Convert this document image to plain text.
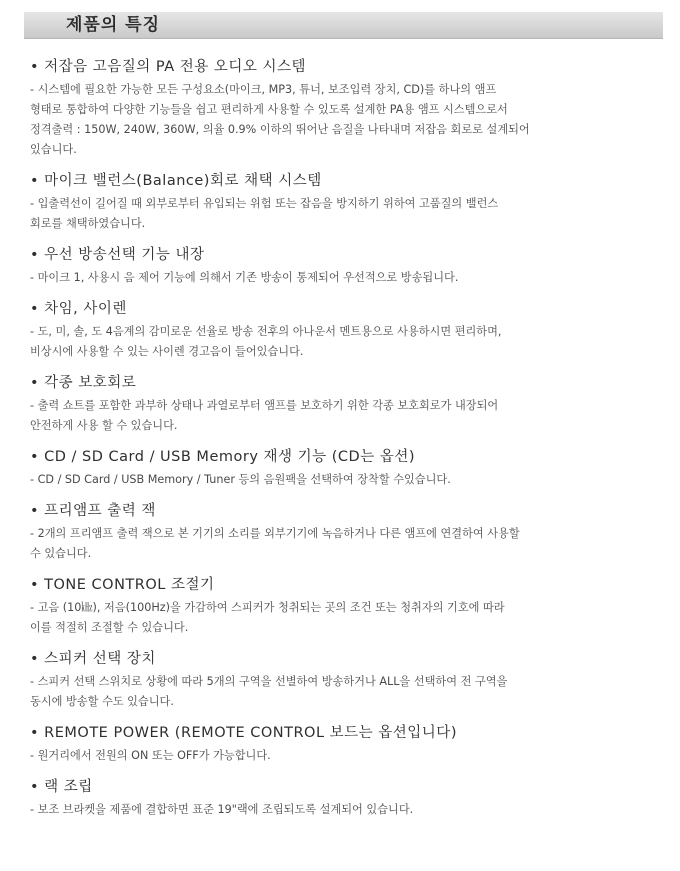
제품의 특징
• 저잡음 고음질의 PA 전용 오디오 시스템
- 시스템에 필요한 가능한 모든 구성요소(마이크, MP3, 튜너, 보조입력 장치, CD)를 하나의 앰프
형태로 통합하여 다양한 기능들을 쉽고 편리하게 사용할 수 있도록 설계한 PA용 앰프 시스템으로서
정격출력 : 150W, 240W, 360W, 의율 0.9% 이하의 뛰어난 음질을 나타내며 저잡음 회로로 설계되어
있습니다.
• 마이크 밸런스(Balance)회로 채택 시스템
- 입출력선이 길어질 때 외부로부터 유입되는 위험 또는 잡음을 방지하기 위하여 고품질의 밸런스
회로를 채택하였습니다.
• 우선 방송선택 기능 내장
- 마이크 1, 사용시 음 제어 기능에 의해서 기존 방송이 통제되어 우선적으로 방송됩니다.
• 차임, 사이렌
- 도, 미, 솔, 도 4음계의 감미로운 선율로 방송 전후의 아나운서 멘트용으로 사용하시면 편리하며,
비상시에 사용할 수 있는 사이렌 경고음이 들어있습니다.
• 각종 보호회로
- 출력 쇼트를 포함한 과부하 상태나 과열로부터 앰프를 보호하기 위한 각종 보호회로가 내장되어
안전하게 사용 할 수 있습니다.
• CD / SD Card / USB Memory 재생 기능 (CD는 옵션)
- CD / SD Card / USB Memory / Tuner 등의 음원팩을 선택하여 장착할 수있습니다.
• 프리앰프 출력 잭
- 2개의 프리앰프 출력 잭으로 본 기기의 소리를 외부기기에 녹음하거나 다른 앰프에 연결하여 사용할
수 있습니다.
• TONE CONTROL 조절기
- 고음 (10㎑), 저음(100Hz)을 가감하여 스피커가 청취되는 곳의 조건 또는 청취자의 기호에 따라
이를 적절히 조절할 수 있습니다.
• 스피커 선택 장치
- 스피커 선택 스위치로 상황에 따라 5개의 구역을 선별하여 방송하거나 ALL을 선택하여 전 구역을
동시에 방송할 수도 있습니다.
• REMOTE POWER (REMOTE CONTROL 보드는 옵션입니다)
- 원거리에서 전원의 ON 또는 OFF가 가능합니다.
• 랙 조립
- 보조 브라켓을 제품에 결합하면 표준 19"랙에 조립되도록 설계되어 있습니다.
